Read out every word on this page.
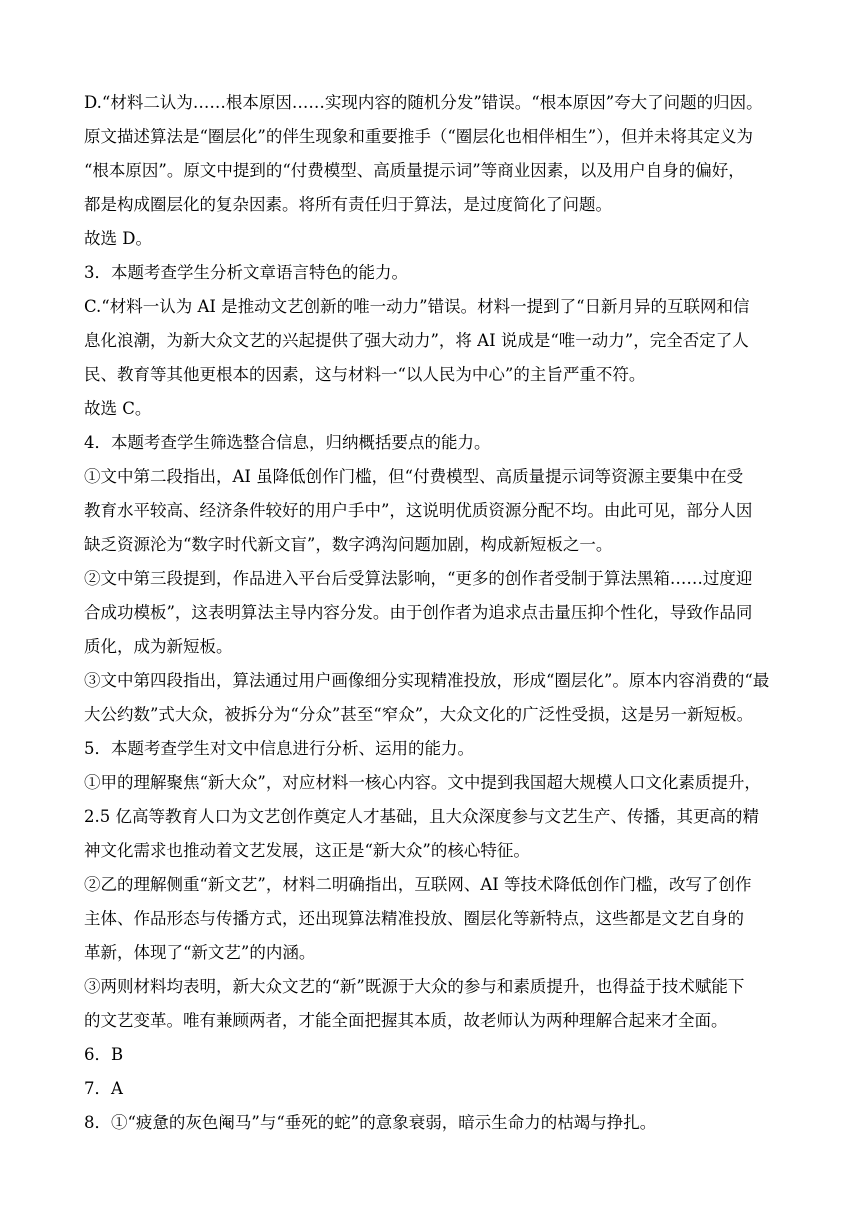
D.“材料二认为……根本原因……实现内容的随机分发”错误。“根本原因”夸大了问题的归因。
原文描述算法是“圈层化”的伴生现象和重要推手（“圈层化也相伴相生”），但并未将其定义为
“根本原因”。原文中提到的“付费模型、高质量提示词”等商业因素，以及用户自身的偏好，
都是构成圈层化的复杂因素。将所有责任归于算法，是过度简化了问题。
故选 D。
3．本题考查学生分析文章语言特色的能力。
C.“材料一认为 AI 是推动文艺创新的唯一动力”错误。材料一提到了“日新月异的互联网和信
息化浪潮，为新大众文艺的兴起提供了强大动力”，将 AI 说成是“唯一动力”，完全否定了人
民、教育等其他更根本的因素，这与材料一“以人民为中心”的主旨严重不符。
故选 C。
4．本题考查学生筛选整合信息，归纳概括要点的能力。
①文中第二段指出，AI 虽降低创作门槛，但“付费模型、高质量提示词等资源主要集中在受
教育水平较高、经济条件较好的用户手中”，这说明优质资源分配不均。由此可见，部分人因
缺乏资源沦为“数字时代新文盲”，数字鸿沟问题加剧，构成新短板之一。
②文中第三段提到，作品进入平台后受算法影响，“更多的创作者受制于算法黑箱……过度迎
合成功模板”，这表明算法主导内容分发。由于创作者为追求点击量压抑个性化，导致作品同
质化，成为新短板。
③文中第四段指出，算法通过用户画像细分实现精准投放，形成“圈层化”。原本内容消费的“最
大公约数”式大众，被拆分为“分众”甚至“窄众”，大众文化的广泛性受损，这是另一新短板。
5．本题考查学生对文中信息进行分析、运用的能力。
①甲的理解聚焦“新大众”，对应材料一核心内容。文中提到我国超大规模人口文化素质提升，
2.5 亿高等教育人口为文艺创作奠定人才基础，且大众深度参与文艺生产、传播，其更高的精
神文化需求也推动着文艺发展，这正是“新大众”的核心特征。
②乙的理解侧重“新文艺”，材料二明确指出，互联网、AI 等技术降低创作门槛，改写了创作
主体、作品形态与传播方式，还出现算法精准投放、圈层化等新特点，这些都是文艺自身的
革新，体现了“新文艺”的内涵。
③两则材料均表明，新大众文艺的“新”既源于大众的参与和素质提升，也得益于技术赋能下
的文艺变革。唯有兼顾两者，才能全面把握其本质，故老师认为两种理解合起来才全面。
6．B
7．A
8．①“疲惫的灰色阉马”与“垂死的蛇”的意象衰弱，暗示生命力的枯竭与挣扎。
